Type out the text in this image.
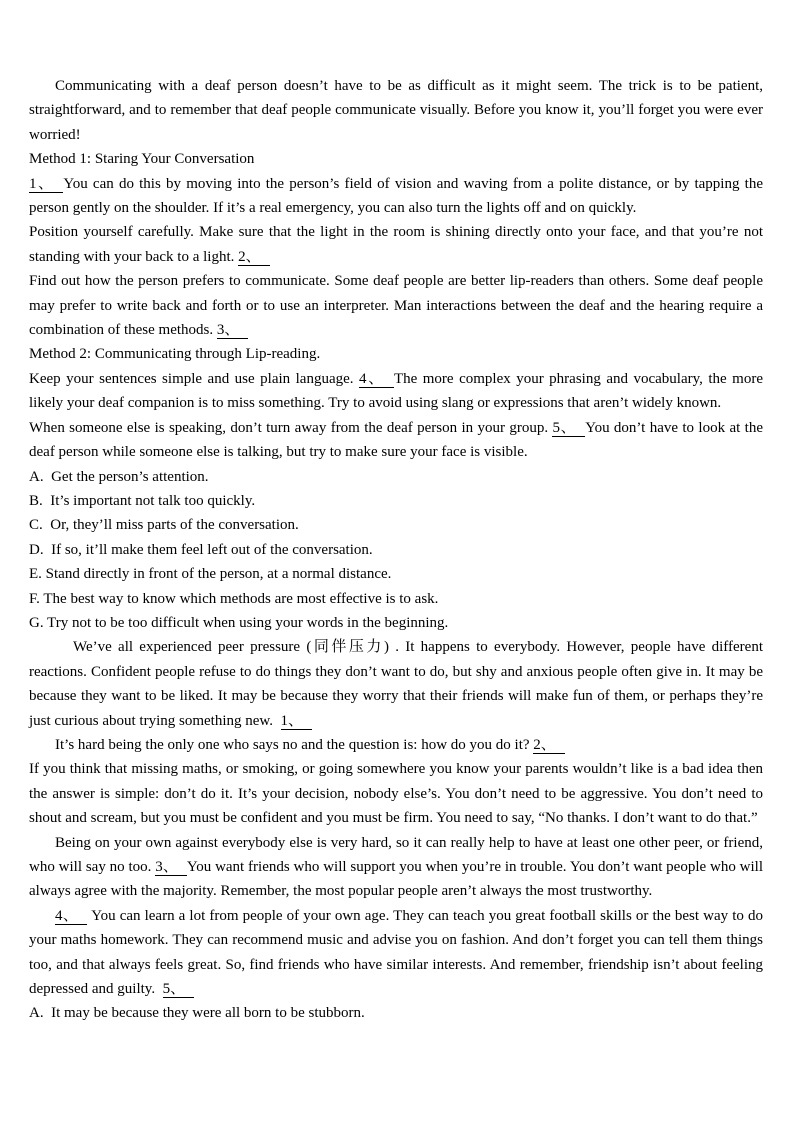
Communicating with a deaf person doesn’t have to be as difficult as it might seem. The trick is to be patient, straightforward, and to remember that deaf people communicate visually. Before you know it, you’ll forget you were ever worried!

Method 1: Staring Your Conversation

1、 You can do this by moving into the person’s field of vision and waving from a polite distance, or by tapping the person gently on the shoulder. If it’s a real emergency, you can also turn the lights off and on quickly.

Position yourself carefully. Make sure that the light in the room is shining directly onto your face, and that you’re not standing with your back to a light. 2、

Find out how the person prefers to communicate. Some deaf people are better lip-readers than others. Some deaf people may prefer to write back and forth or to use an interpreter. Man interactions between the deaf and the hearing require a combination of these methods. 3、

Method 2: Communicating through Lip-reading.

Keep your sentences simple and use plain language. 4、 The more complex your phrasing and vocabulary, the more likely your deaf companion is to miss something. Try to avoid using slang or expressions that aren’t widely known.

When someone else is speaking, don’t turn away from the deaf person in your group. 5、 You don’t have to look at the deaf person while someone else is talking, but try to make sure your face is visible.

A.  Get the person’s attention.

B.  It’s important not talk too quickly.

C.  Or, they’ll miss parts of the conversation.

D.  If so, it’ll make them feel left out of the conversation.

E. Stand directly in front of the person, at a normal distance.

F. The best way to know which methods are most effective is to ask.

G. Try not to be too difficult when using your words in the beginning.

We’ve all experienced peer pressure (同伴压力) . It happens to everybody. However, people have different reactions. Confident people refuse to do things they don’t want to do, but shy and anxious people often give in. It may be because they want to be liked. It may be because they worry that their friends will make fun of them, or perhaps they’re just curious about trying something new.  1、

It’s hard being the only one who says no and the question is: how do you do it? 2、

If you think that missing maths, or smoking, or going somewhere you know your parents wouldn’t like is a bad idea then the answer is simple: don’t do it. It’s your decision, nobody else’s. You don’t need to be aggressive. You don’t need to shout and scream, but you must be confident and you must be firm. You need to say, “No thanks. I don’t want to do that.”

Being on your own against everybody else is very hard, so it can really help to have at least one other peer, or friend, who will say no too. 3、 You want friends who will support you when you’re in trouble. You don’t want people who will always agree with the majority. Remember, the most popular people aren’t always the most trustworthy.

4、 You can learn a lot from people of your own age. They can teach you great football skills or the best way to do your maths homework. They can recommend music and advise you on fashion. And don’t forget you can tell them things too, and that always feels great. So, find friends who have similar interests. And remember, friendship isn’t about feeling depressed and guilty.  5、

A.  It may be because they were all born to be stubborn.
